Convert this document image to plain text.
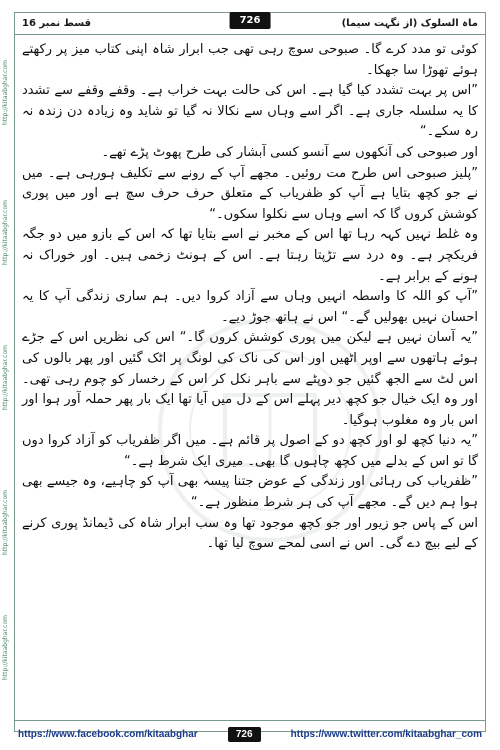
قسط نمبر 16	726	ماہ السلوک (از نگہت سیما)
http://kitaabghar.com
http://kitaabghar.com
http://kitaabghar.com
http://kitaabghar.com
http://kitaabghar.com

کوئی تو مدد کرے گا۔ صبوحی سوچ رہی تھی جب ابرار شاہ اپنی کتاب میز پر رکھتے ہوئے تھوڑا سا جھکا۔

”اس پر بہت تشدد کیا گیا ہے۔ اس کی حالت بہت خراب ہے۔ وقفے وقفے سے تشدد کا یہ سلسلہ جاری ہے۔ اگر اسے وہاں سے نکالا نہ گیا تو شاید وہ زیادہ دن زندہ نہ رہ سکے۔“

اور صبوحی کی آنکھوں سے آنسو کسی آبشار کی طرح پھوٹ پڑے تھے۔

”پلیز صبوحی اس طرح مت روئیں۔ مجھے آپ کے رونے سے تکلیف ہورہی ہے۔ میں نے جو کچھ بتایا ہے آپ کو ظفریاب کے متعلق حرف حرف سچ ہے اور میں پوری کوشش کروں گا کہ اسے وہاں سے نکلوا سکوں۔“

وہ غلط نہیں کہہ رہا تھا اس کے مخبر نے اسے بتایا تھا کہ اس کے بازو میں دو جگہ فریکچر ہے۔ وہ درد سے تڑپتا رہتا ہے۔ اس کے ہونٹ زخمی ہیں۔ اور خوراک نہ ہونے کے برابر ہے۔

”آپ کو اللہ کا واسطہ انہیں وہاں سے آزاد کروا دیں۔ ہم ساری زندگی آپ کا یہ احسان نہیں بھولیں گے۔“ اس نے ہاتھ جوڑ دیے۔

”یہ آسان نہیں ہے لیکن میں پوری کوشش کروں گا۔“ اس کی نظریں اس کے جڑے ہوئے ہاتھوں سے اوپر اٹھیں اور اس کی ناک کی لونگ پر اٹک گئیں اور پھر بالوں کی اس لٹ سے الجھ گئیں جو دوپٹے سے باہر نکل کر اس کے رخسار کو چوم رہی تھی۔ اور وہ ایک خیال جو کچھ دیر پہلے اس کے دل میں آیا تھا ایک بار پھر حملہ آور ہوا اور اس بار وہ مغلوب ہوگیا۔

”یہ دنیا کچھ لو اور کچھ دو کے اصول پر قائم ہے۔ میں اگر ظفریاب کو آزاد کروا دوں گا تو اس کے بدلے میں کچھ چاہوں گا بھی۔ میری ایک شرط ہے۔“

”ظفریاب کی رہائی اور زندگی کے عوض جتنا پیسہ بھی آپ کو چاہیے، وہ جیسے بھی ہوا ہم دیں گے۔ مجھے آپ کی ہر شرط منظور ہے۔“

اس کے پاس جو زیور اور جو کچھ موجود تھا وہ سب ابرار شاہ کی ڈیمانڈ پوری کرنے کے لیے بیچ دے گی۔ اس نے اسی لمحے سوچ لیا تھا۔

https://www.facebook.com/kitaabghar	726	https://www.twitter.com/kitaabghar_com
